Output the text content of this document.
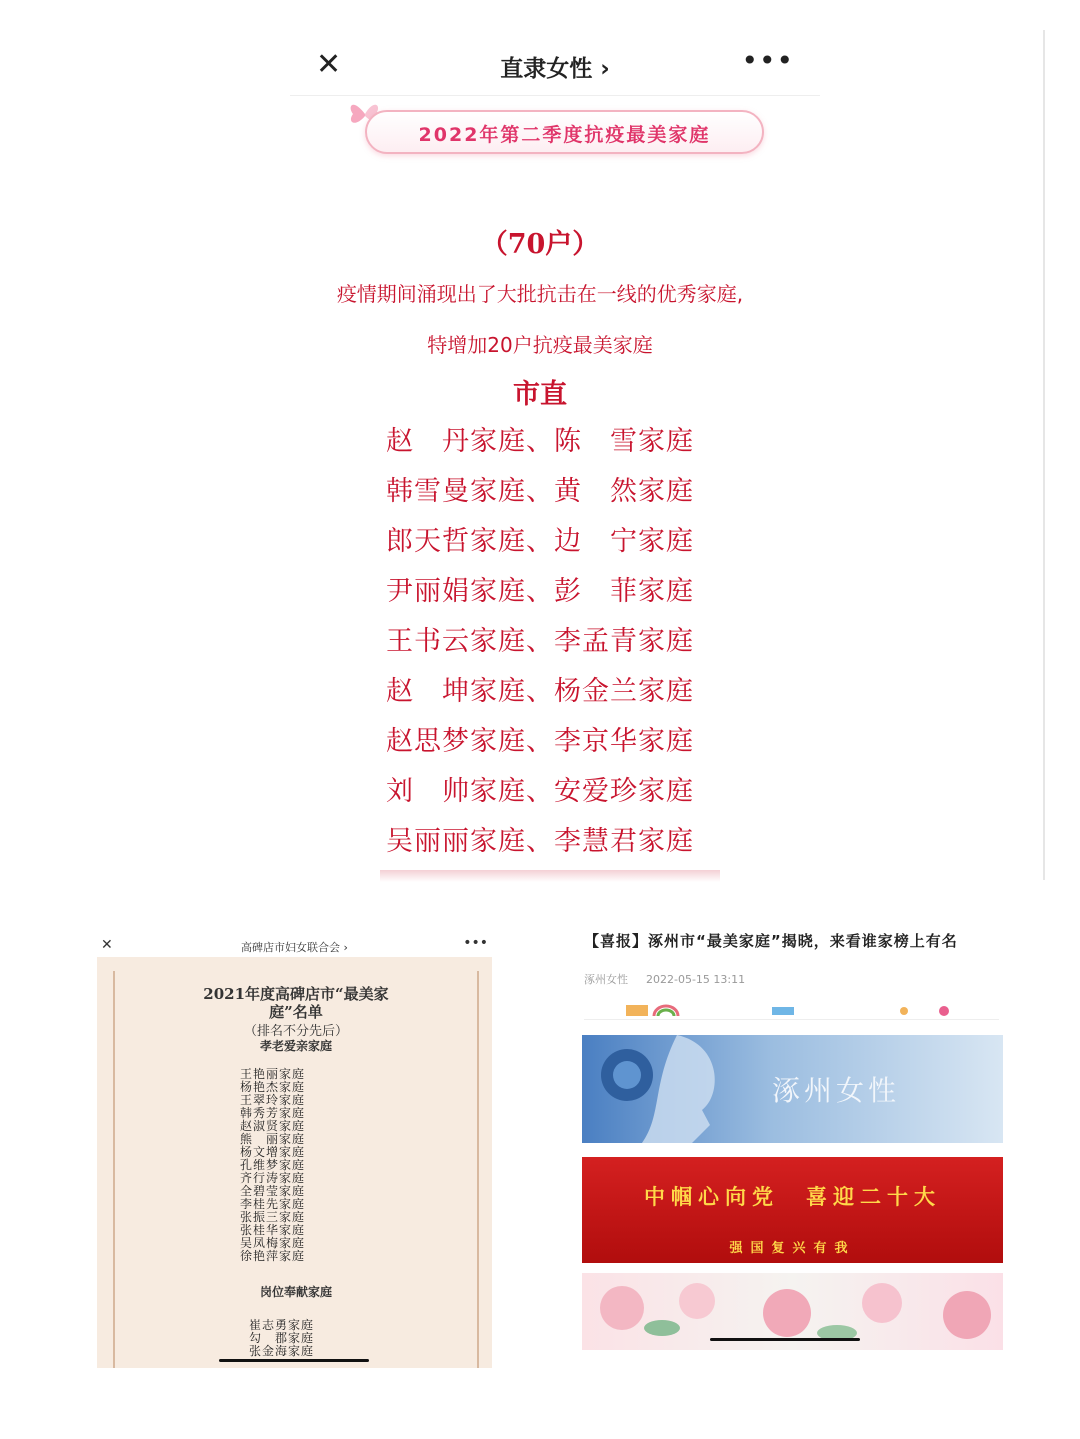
✕	直隶女性 ›	•••
2022年第二季度抗疫最美家庭
（70户）
疫情期间涌现出了大批抗击在一线的优秀家庭,
特增加20户抗疫最美家庭
市直
赵　丹家庭、陈　雪家庭
韩雪曼家庭、黄　然家庭
郎天哲家庭、边　宁家庭
尹丽娟家庭、彭　菲家庭
王书云家庭、李孟青家庭
赵　坤家庭、杨金兰家庭
赵思梦家庭、李京华家庭
刘　帅家庭、安爱珍家庭
吴丽丽家庭、李慧君家庭
✕	高碑店市妇女联合会 ›	•••
2021年度高碑店市“最美家
庭”名单
（排名不分先后）
孝老爱亲家庭
王艳丽家庭
杨艳杰家庭
王翠玲家庭
韩秀芳家庭
赵淑贤家庭
熊　丽家庭
杨文增家庭
孔维梦家庭
齐行涛家庭
全碧莹家庭
李桂先家庭
张振三家庭
张桂华家庭
吴凤梅家庭
徐艳萍家庭
岗位奉献家庭
崔志勇家庭
勾　郡家庭
张金海家庭
【喜报】涿州市“最美家庭”揭晓，来看谁家榜上有名
涿州女性 2022-05-15 13:11
涿州女性
中帼心向党　喜迎二十大
强国复兴有我
